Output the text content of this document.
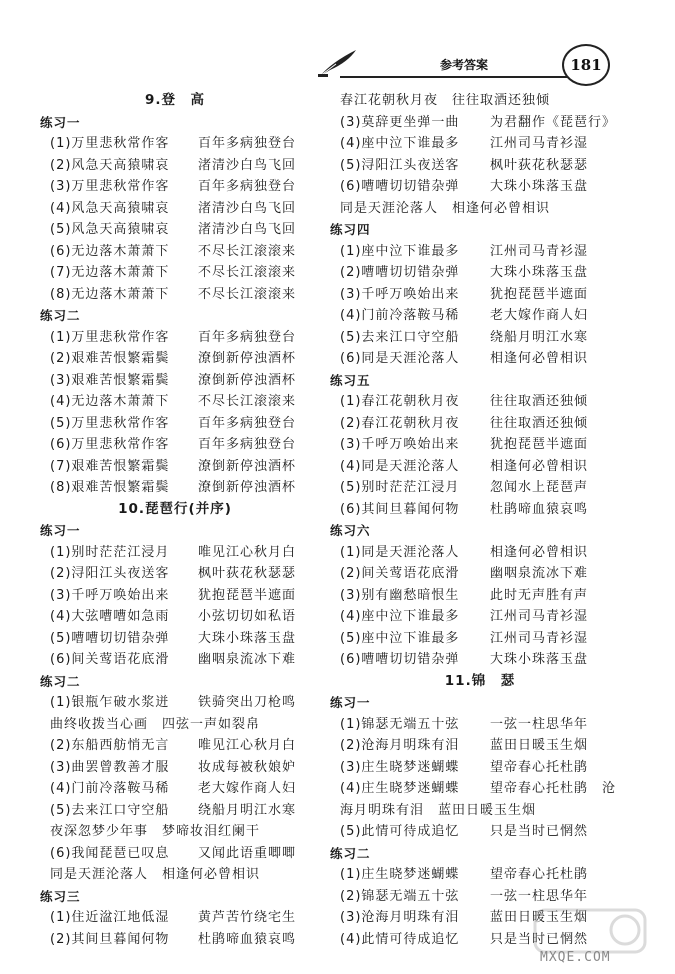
参考答案	181
9.登　高
练习一
(1)万里悲秋常作客	百年多病独登台
(2)风急天高猿啸哀	渚清沙白鸟飞回
(3)万里悲秋常作客	百年多病独登台
(4)风急天高猿啸哀	渚清沙白鸟飞回
(5)风急天高猿啸哀	渚清沙白鸟飞回
(6)无边落木萧萧下	不尽长江滚滚来
(7)无边落木萧萧下	不尽长江滚滚来
(8)无边落木萧萧下	不尽长江滚滚来
练习二
(1)万里悲秋常作客	百年多病独登台
(2)艰难苦恨繁霜鬓	潦倒新停浊酒杯
(3)艰难苦恨繁霜鬓	潦倒新停浊酒杯
(4)无边落木萧萧下	不尽长江滚滚来
(5)万里悲秋常作客	百年多病独登台
(6)万里悲秋常作客	百年多病独登台
(7)艰难苦恨繁霜鬓	潦倒新停浊酒杯
(8)艰难苦恨繁霜鬓	潦倒新停浊酒杯
10.琵琶行(并序)
练习一
(1)别时茫茫江浸月	唯见江心秋月白
(2)浔阳江头夜送客	枫叶荻花秋瑟瑟
(3)千呼万唤始出来	犹抱琵琶半遮面
(4)大弦嘈嘈如急雨	小弦切切如私语
(5)嘈嘈切切错杂弹	大珠小珠落玉盘
(6)间关莺语花底滑	幽咽泉流冰下难
练习二
(1)银瓶乍破水浆迸	铁骑突出刀枪鸣
曲终收拨当心画　四弦一声如裂帛
(2)东船西舫悄无言	唯见江心秋月白
(3)曲罢曾教善才服	妆成每被秋娘妒
(4)门前冷落鞍马稀	老大嫁作商人妇
(5)去来江口守空船	绕船月明江水寒
夜深忽梦少年事　梦啼妆泪红阑干
(6)我闻琵琶已叹息	又闻此语重唧唧
同是天涯沦落人　相逢何必曾相识
练习三
(1)住近湓江地低湿	黄芦苦竹绕宅生
(2)其间旦暮闻何物	杜鹃啼血猿哀鸣
春江花朝秋月夜　往往取酒还独倾
(3)莫辞更坐弹一曲	为君翻作《琵琶行》
(4)座中泣下谁最多	江州司马青衫湿
(5)浔阳江头夜送客	枫叶荻花秋瑟瑟
(6)嘈嘈切切错杂弹	大珠小珠落玉盘
同是天涯沦落人　相逢何必曾相识
练习四
(1)座中泣下谁最多	江州司马青衫湿
(2)嘈嘈切切错杂弹	大珠小珠落玉盘
(3)千呼万唤始出来	犹抱琵琶半遮面
(4)门前冷落鞍马稀	老大嫁作商人妇
(5)去来江口守空船	绕船月明江水寒
(6)同是天涯沦落人	相逢何必曾相识
练习五
(1)春江花朝秋月夜	往往取酒还独倾
(2)春江花朝秋月夜	往往取酒还独倾
(3)千呼万唤始出来	犹抱琵琶半遮面
(4)同是天涯沦落人	相逢何必曾相识
(5)别时茫茫江浸月	忽闻水上琵琶声
(6)其间旦暮闻何物	杜鹃啼血猿哀鸣
练习六
(1)同是天涯沦落人	相逢何必曾相识
(2)间关莺语花底滑	幽咽泉流冰下难
(3)别有幽愁暗恨生	此时无声胜有声
(4)座中泣下谁最多	江州司马青衫湿
(5)座中泣下谁最多	江州司马青衫湿
(6)嘈嘈切切错杂弹	大珠小珠落玉盘
11.锦　瑟
练习一
(1)锦瑟无端五十弦	一弦一柱思华年
(2)沧海月明珠有泪	蓝田日暖玉生烟
(3)庄生晓梦迷蝴蝶	望帝春心托杜鹃
(4)庄生晓梦迷蝴蝶	望帝春心托杜鹃　沧
海月明珠有泪　蓝田日暖玉生烟
(5)此情可待成追忆	只是当时已惘然
练习二
(1)庄生晓梦迷蝴蝶	望帝春心托杜鹃
(2)锦瑟无端五十弦	一弦一柱思华年
(3)沧海月明珠有泪	蓝田日暖玉生烟
(4)此情可待成追忆	只是当时已惘然
MXQE.COM
